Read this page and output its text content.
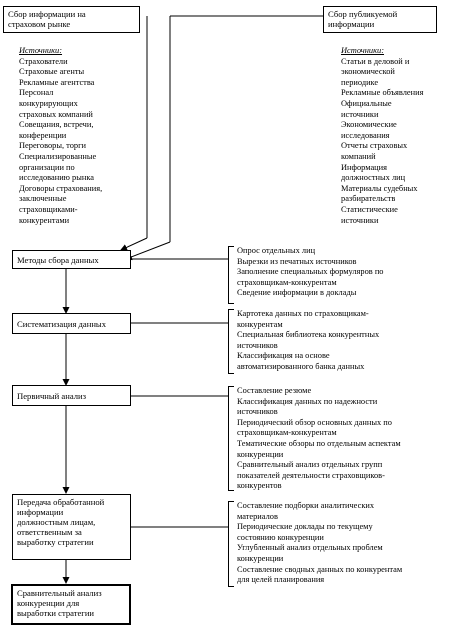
Сбор информации на
страховом рынке
Сбор публикуемой
информации
Источники:
Страхователи
Страховые агенты
Рекламные агентства
Персонал
конкурирующих
страховых компаний
Совещания, встречи,
конференции
Переговоры, торги
Специализированные
организации по
исследованию рынка
Договоры страхования,
заключенные
страховщиками-
конкурентами
Источники:
Статьи в деловой и
экономической
периодике
Рекламные объявления
Официальные
источники
Экономические
исследования
Отчеты страховых
компаний
Информация
должностных лиц
Материалы судебных
разбирательств
Статистические
источники
Методы сбора данных
Опрос отдельных лиц
Вырезки из печатных источников
Заполнение специальных формуляров по
страховщикам-конкурентам
Сведение информации в доклады
Систематизация данных
Картотека данных по страховщикам-
конкурентам
Специальная библиотека конкурентных
источников
Классификация на основе
автоматизированного банка данных
Первичный анализ
Составление резюме
Классификация данных по надежности
источников
Периодический обзор основных данных по
страховщикам-конкурентам
Тематические обзоры по отдельным аспектам
конкуренции
Сравнительный анализ отдельных групп
показателей деятельности страховщиков-
конкурентов
Передача обработанной
информации
должностным лицам,
ответственным за
выработку стратегии
Составление подборки аналитических
материалов
Периодические доклады по текущему
состоянию конкуренции
Углубленный анализ отдельных проблем
конкуренции
Составление сводных данных по конкурентам
для целей планирования
Сравнительный анализ
конкуренции для
выработки стратегии
